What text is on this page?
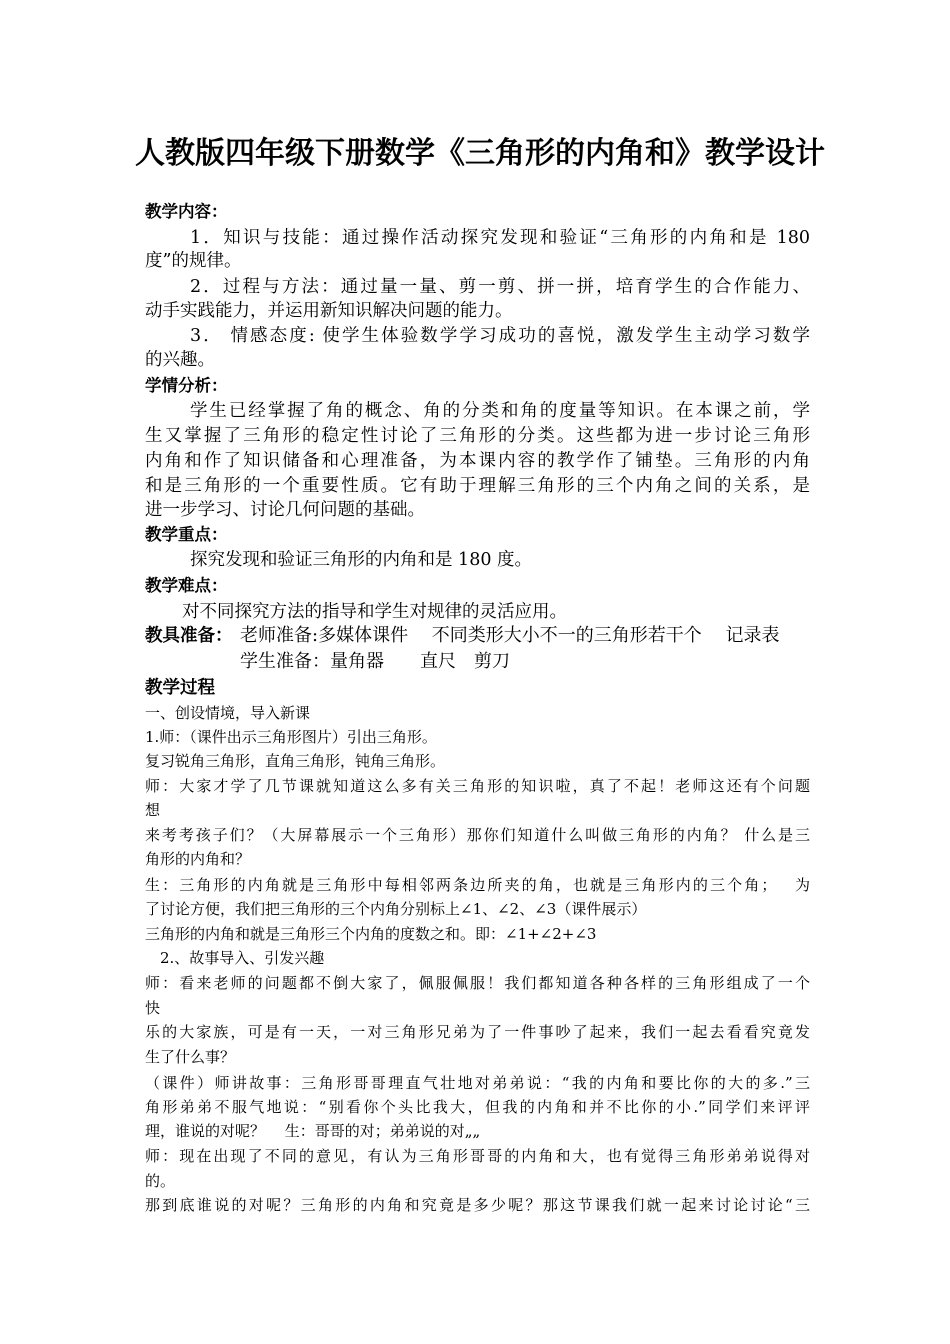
人教版四年级下册数学《三角形的内角和》教学设计
教学内容：
1．知识与技能：通过操作活动探究发现和验证“三角形的内角和是 180
度”的规律。
2．过程与方法：通过量一量、剪一剪、拼一拼，培育学生的合作能力、
动手实践能力，并运用新知识解决问题的能力。
3． 情感态度: 使学生体验数学学习成功的喜悦，激发学生主动学习数学
的兴趣。
学情分析：
学生已经掌握了角的概念、角的分类和角的度量等知识。在本课之前，学
生又掌握了三角形的稳定性讨论了三角形的分类。这些都为进一步讨论三角形
内角和作了知识储备和心理准备，为本课内容的教学作了铺垫。三角形的内角
和是三角形的一个重要性质。它有助于理解三角形的三个内角之间的关系，是
进一步学习、讨论几何问题的基础。
教学重点：
探究发现和验证三角形的内角和是 180 度。
教学难点：
对不同探究方法的指导和学生对规律的灵活应用。
教具准备： 老师准备:多媒体课件　 不同类形大小不一的三角形若干个　 记录表
学生准备：量角器　　直尺　剪刀
教学过程
一、创设情境，导入新课
1.师：（课件出示三角形图片）引出三角形。
复习锐角三角形，直角三角形，钝角三角形。
师：大家才学了几节课就知道这么多有关三角形的知识啦，真了不起！老师这还有个问题
想
来考考孩子们？（大屏幕展示一个三角形）那你们知道什么叫做三角形的内角？ 什么是三
角形的内角和？
生：三角形的内角就是三角形中每相邻两条边所夹的角，也就是三角形内的三个角；　 为
了讨论方便，我们把三角形的三个内角分别标上∠1、∠2、∠3（课件展示）
三角形的内角和就是三角形三个内角的度数之和。即：∠1+∠2+∠3
2.、故事导入、引发兴趣
师：看来老师的问题都不倒大家了，佩服佩服！我们都知道各种各样的三角形组成了一个
快
乐的大家族，可是有一天，一对三角形兄弟为了一件事吵了起来，我们一起去看看究竟发
生了什么事？
（课件）师讲故事：三角形哥哥理直气壮地对弟弟说：“我的内角和要比你的大的多.”三
角形弟弟不服气地说：“别看你个头比我大，但我的内角和并不比你的小.”同学们来评评
理，谁说的对呢？　 生：哥哥的对；弟弟说的对„„
师：现在出现了不同的意见，有认为三角形哥哥的内角和大，也有觉得三角形弟弟说得对
的。
那到底谁说的对呢？三角形的内角和究竟是多少呢？那这节课我们就一起来讨论讨论“三
